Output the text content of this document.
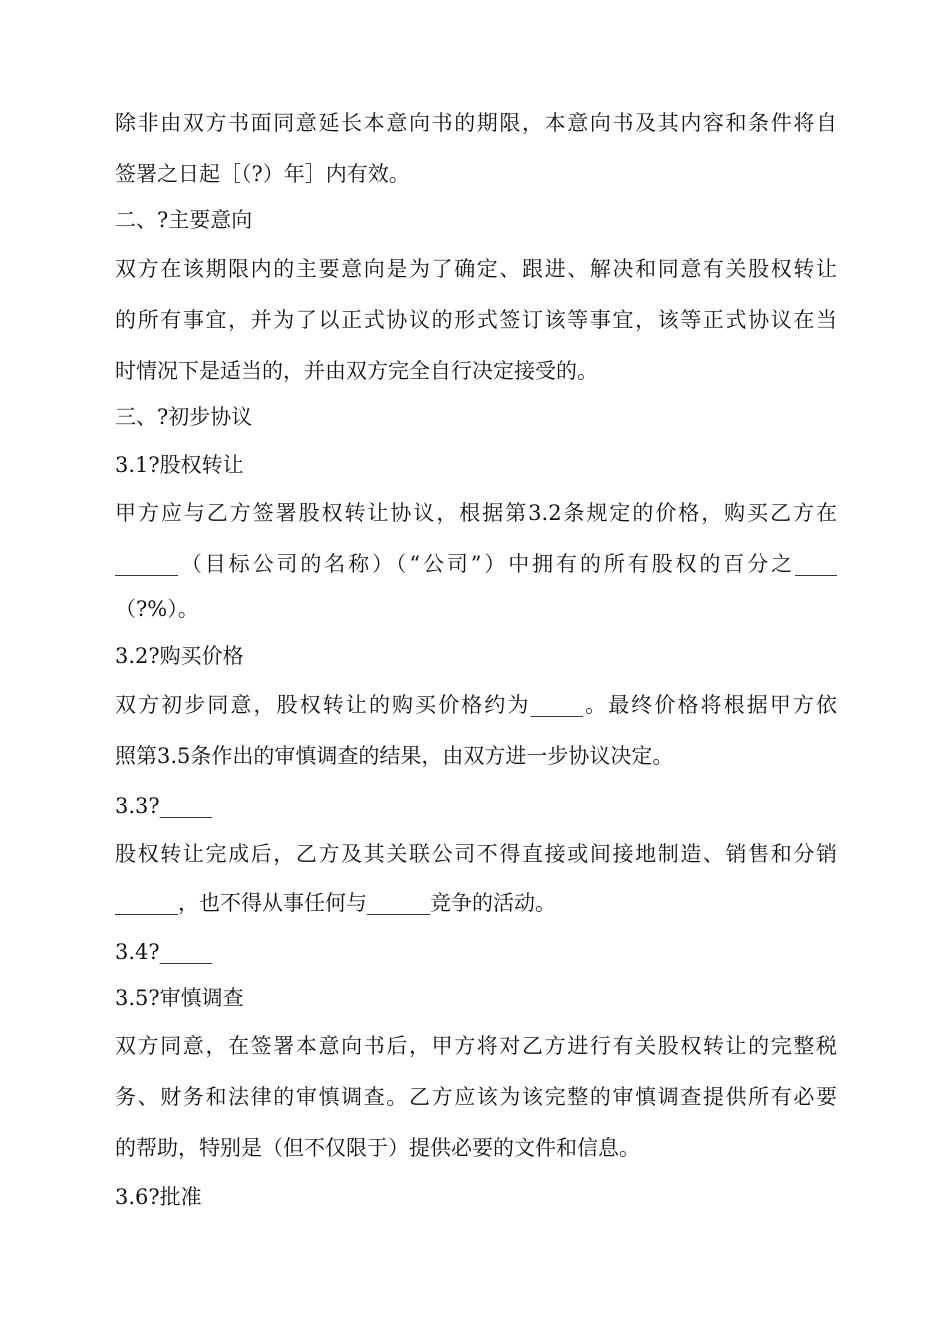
除非由双方书面同意延长本意向书的期限，本意向书及其内容和条件将自

签署之日起［（?）年］内有效。

二、?主要意向

双方在该期限内的主要意向是为了确定、跟进、解决和同意有关股权转让

的所有事宜，并为了以正式协议的形式签订该等事宜，该等正式协议在当

时情况下是适当的，并由双方完全自行决定接受的。

三、?初步协议

3.1?股权转让

甲方应与乙方签署股权转让协议，根据第3.2条规定的价格，购买乙方在

______（目标公司的名称）（“公司”）中拥有的所有股权的百分之____

（?%）。

3.2?购买价格

双方初步同意，股权转让的购买价格约为_____。最终价格将根据甲方依

照第3.5条作出的审慎调查的结果，由双方进一步协议决定。

3.3?_____

股权转让完成后，乙方及其关联公司不得直接或间接地制造、销售和分销

______，也不得从事任何与______竞争的活动。

3.4?_____

3.5?审慎调查

双方同意，在签署本意向书后，甲方将对乙方进行有关股权转让的完整税

务、财务和法律的审慎调查。乙方应该为该完整的审慎调查提供所有必要

的帮助，特别是（但不仅限于）提供必要的文件和信息。

3.6?批准
